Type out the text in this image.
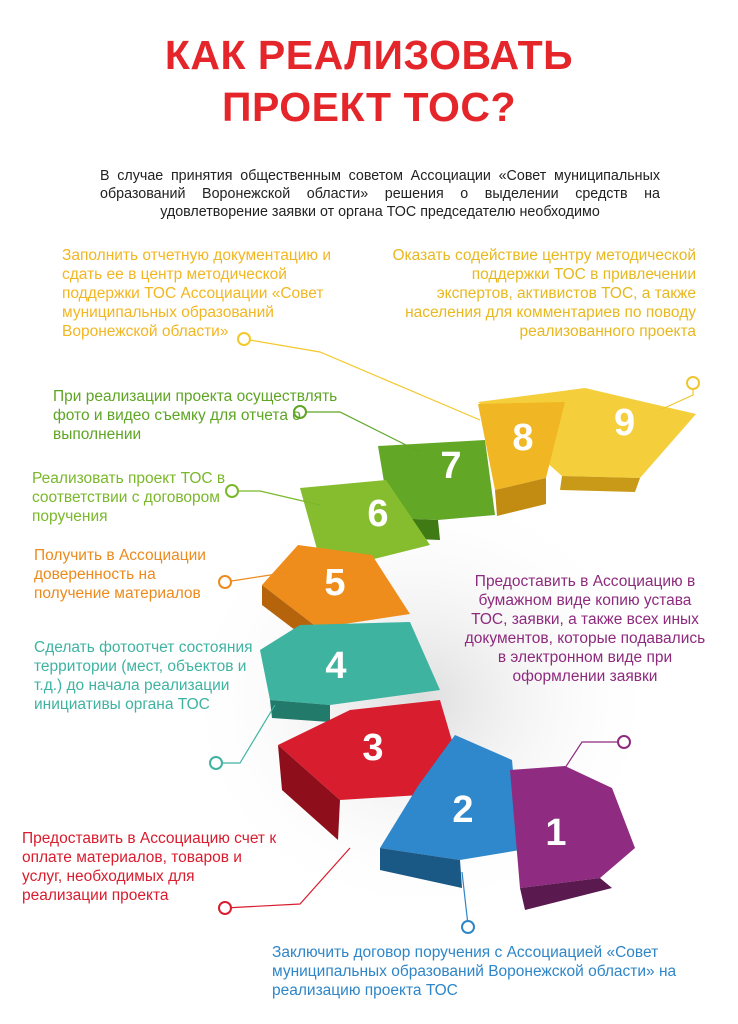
КАК РЕАЛИЗОВАТЬ
ПРОЕКТ ТОС?

В случае принятия общественным советом Ассоциации «Совет муниципальных образований Воронежской области» решения о выделении средств на удовлетворение заявки от органа ТОС председателю необходимо

9
8
7
6
5
4
3
2
1

Заполнить отчетную документацию и сдать ее в центр методической поддержки ТОС Ассоциации «Совет муниципальных образований Воронежской области»

Оказать содействие центру методической поддержки ТОС в привлечении экспертов, активистов ТОС, а также населения для комментариев по поводу реализованного проекта

При реализации проекта осуществлять фото и видео съемку для отчета о выполнении

Реализовать проект ТОС в соответствии с договором поручения

Получить в Ассоциации доверенность на получение материалов

Сделать фотоотчет состояния территории (мест, объектов и т.д.) до начала реализации инициативы органа ТОС

Предоставить в Ассоциацию в бумажном виде копию устава ТОС, заявки, а также всех иных документов, которые подавались в электронном виде при оформлении заявки

Предоставить в Ассоциацию счет к оплате материалов, товаров и услуг, необходимых для реализации проекта

Заключить договор поручения с Ассоциацией «Совет муниципальных образований Воронежской области» на реализацию проекта ТОС
